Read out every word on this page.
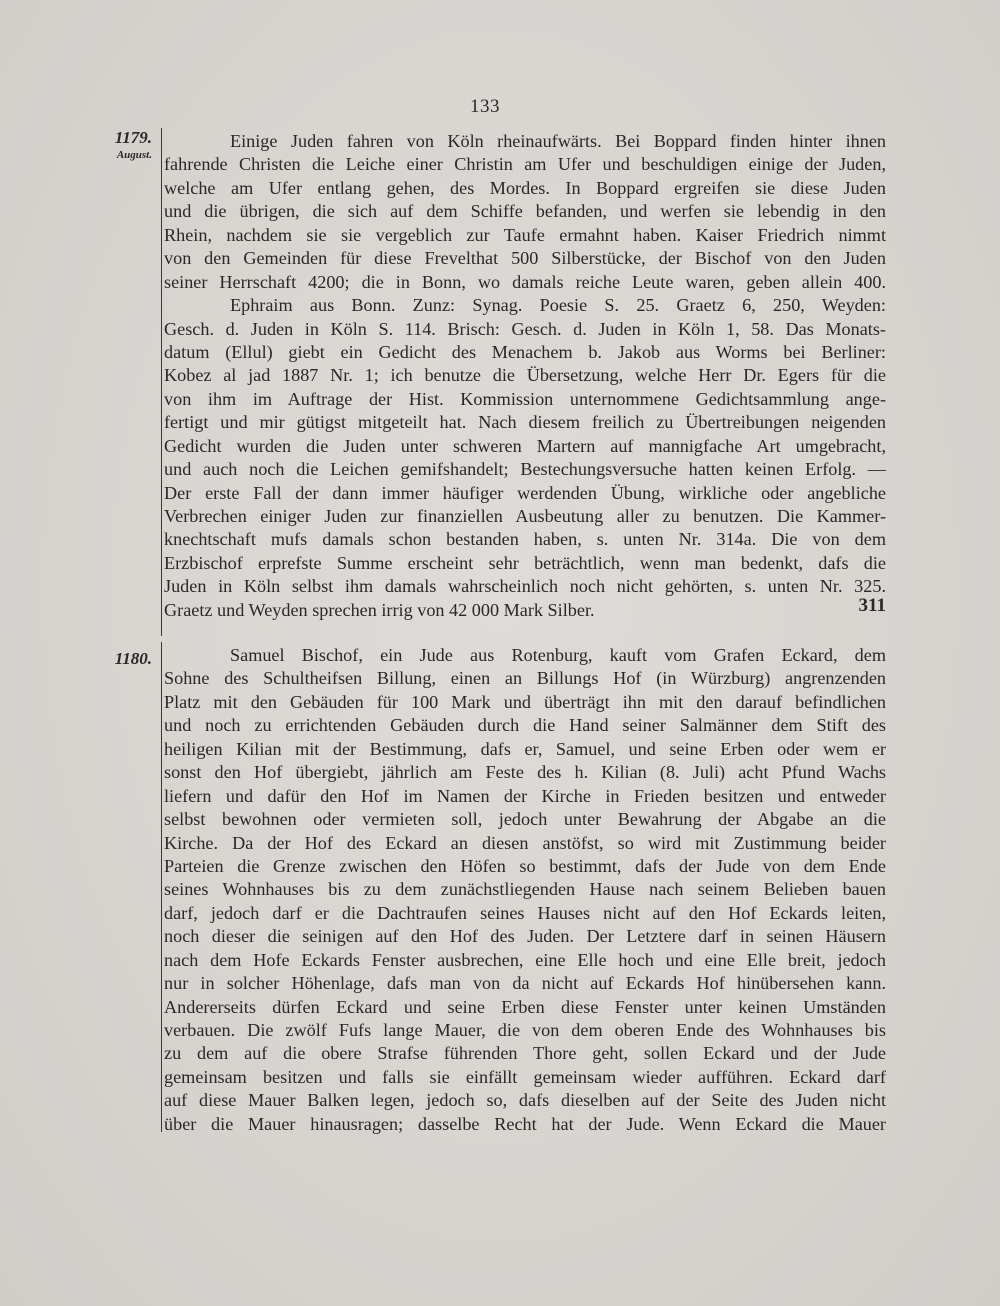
133
1179.
August.
Einige Juden fahren von Köln rheinaufwärts. Bei Boppard finden hinter ihnen
fahrende Christen die Leiche einer Christin am Ufer und beschuldigen einige der Juden,
welche am Ufer entlang gehen, des Mordes. In Boppard ergreifen sie diese Juden
und die übrigen, die sich auf dem Schiffe befanden, und werfen sie lebendig in den
Rhein, nachdem sie sie vergeblich zur Taufe ermahnt haben. Kaiser Friedrich nimmt
von den Gemeinden für diese Frevelthat 500 Silberstücke, der Bischof von den Juden
seiner Herrschaft 4200; die in Bonn, wo damals reiche Leute waren, geben allein 400.
Ephraim aus Bonn. Zunz: Synag. Poesie S. 25. Graetz 6, 250, Weyden:
Gesch. d. Juden in Köln S. 114. Brisch: Gesch. d. Juden in Köln 1, 58. Das Monats-
datum (Ellul) giebt ein Gedicht des Menachem b. Jakob aus Worms bei Berliner:
Kobez al jad 1887 Nr. 1; ich benutze die Übersetzung, welche Herr Dr. Egers für die
von ihm im Auftrage der Hist. Kommission unternommene Gedichtsammlung ange-
fertigt und mir gütigst mitgeteilt hat. Nach diesem freilich zu Übertreibungen neigenden
Gedicht wurden die Juden unter schweren Martern auf mannigfache Art umgebracht,
und auch noch die Leichen gemifshandelt; Bestechungsversuche hatten keinen Erfolg. —
Der erste Fall der dann immer häufiger werdenden Übung, wirkliche oder angebliche
Verbrechen einiger Juden zur finanziellen Ausbeutung aller zu benutzen. Die Kammer-
knechtschaft mufs damals schon bestanden haben, s. unten Nr. 314a. Die von dem
Erzbischof erprefste Summe erscheint sehr beträchtlich, wenn man bedenkt, dafs die
Juden in Köln selbst ihm damals wahrscheinlich noch nicht gehörten, s. unten Nr. 325.
Graetz und Weyden sprechen irrig von 42 000 Mark Silber.	311
1180.	Samuel Bischof, ein Jude aus Rotenburg, kauft vom Grafen Eckard, dem
Sohne des Schultheifsen Billung, einen an Billungs Hof (in Würzburg) angrenzenden
Platz mit den Gebäuden für 100 Mark und überträgt ihn mit den darauf befindlichen
und noch zu errichtenden Gebäuden durch die Hand seiner Salmänner dem Stift des
heiligen Kilian mit der Bestimmung, dafs er, Samuel, und seine Erben oder wem er
sonst den Hof übergiebt, jährlich am Feste des h. Kilian (8. Juli) acht Pfund Wachs
liefern und dafür den Hof im Namen der Kirche in Frieden besitzen und entweder
selbst bewohnen oder vermieten soll, jedoch unter Bewahrung der Abgabe an die
Kirche. Da der Hof des Eckard an diesen anstöfst, so wird mit Zustimmung beider
Parteien die Grenze zwischen den Höfen so bestimmt, dafs der Jude von dem Ende
seines Wohnhauses bis zu dem zunächstliegenden Hause nach seinem Belieben bauen
darf, jedoch darf er die Dachtraufen seines Hauses nicht auf den Hof Eckards leiten,
noch dieser die seinigen auf den Hof des Juden. Der Letztere darf in seinen Häusern
nach dem Hofe Eckards Fenster ausbrechen, eine Elle hoch und eine Elle breit, jedoch
nur in solcher Höhenlage, dafs man von da nicht auf Eckards Hof hinübersehen kann.
Andererseits dürfen Eckard und seine Erben diese Fenster unter keinen Umständen
verbauen. Die zwölf Fufs lange Mauer, die von dem oberen Ende des Wohnhauses bis
zu dem auf die obere Strafse führenden Thore geht, sollen Eckard und der Jude
gemeinsam besitzen und falls sie einfällt gemeinsam wieder aufführen. Eckard darf
auf diese Mauer Balken legen, jedoch so, dafs dieselben auf der Seite des Juden nicht
über die Mauer hinausragen; dasselbe Recht hat der Jude. Wenn Eckard die Mauer
